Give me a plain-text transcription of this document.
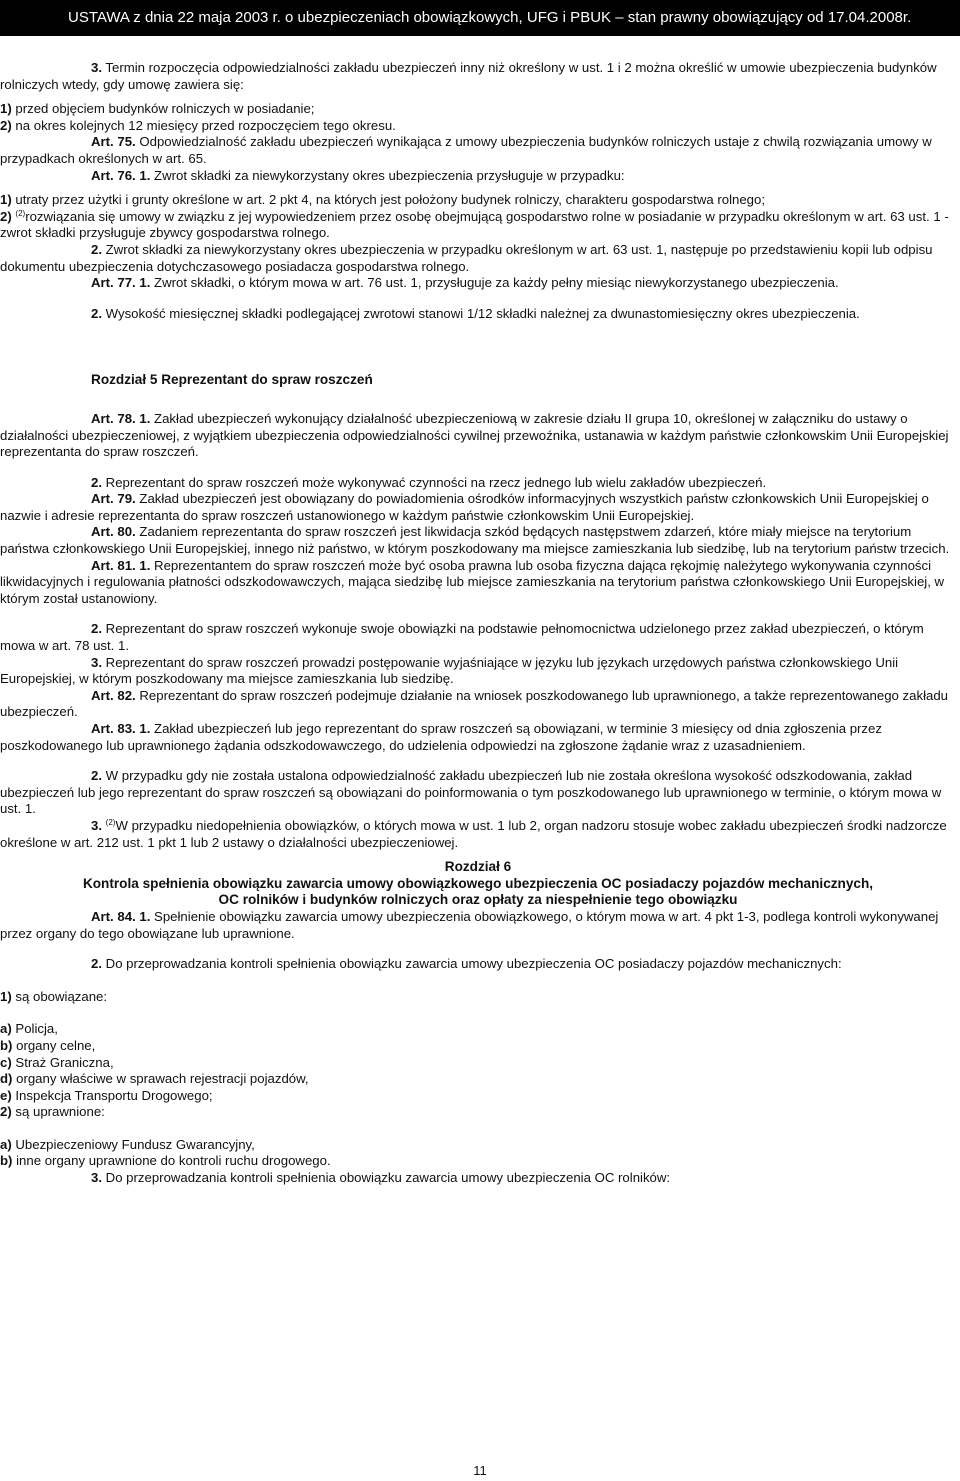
USTAWA z dnia 22 maja 2003 r. o ubezpieczeniach obowiązkowych, UFG i PBUK – stan prawny obowiązujący od 17.04.2008r.

3. Termin rozpoczęcia odpowiedzialności zakładu ubezpieczeń inny niż określony w ust. 1 i 2 można określić w umowie ubezpieczenia budynków rolniczych wtedy, gdy umowę zawiera się:

1) przed objęciem budynków rolniczych w posiadanie;

2) na okres kolejnych 12 miesięcy przed rozpoczęciem tego okresu.

Art. 75. Odpowiedzialność zakładu ubezpieczeń wynikająca z umowy ubezpieczenia budynków rolniczych ustaje z chwilą rozwiązania umowy w przypadkach określonych w art. 65.

Art. 76. 1. Zwrot składki za niewykorzystany okres ubezpieczenia przysługuje w przypadku:

1) utraty przez użytki i grunty określone w art. 2 pkt 4, na których jest położony budynek rolniczy, charakteru gospodarstwa rolnego;

2) $^{(2)}$rozwiązania się umowy w związku z jej wypowiedzeniem przez osobę obejmującą gospodarstwo rolne w posiadanie w przypadku określonym w art. 63 ust. 1 - zwrot składki przysługuje zbywcy gospodarstwa rolnego.

2. Zwrot składki za niewykorzystany okres ubezpieczenia w przypadku określonym w art. 63 ust. 1, następuje po przedstawieniu kopii lub odpisu dokumentu ubezpieczenia dotychczasowego posiadacza gospodarstwa rolnego.

Art. 77. 1. Zwrot składki, o którym mowa w art. 76 ust. 1, przysługuje za każdy pełny miesiąc niewykorzystanego ubezpieczenia.

2. Wysokość miesięcznej składki podlegającej zwrotowi stanowi 1/12 składki należnej za dwunastomiesięczny okres ubezpieczenia.

Rozdział 5 Reprezentant do spraw roszczeń

Art. 78. 1. Zakład ubezpieczeń wykonujący działalność ubezpieczeniową w zakresie działu II grupa 10, określonej w załączniku do ustawy o działalności ubezpieczeniowej, z wyjątkiem ubezpieczenia odpowiedzialności cywilnej przewoźnika, ustanawia w każdym państwie członkowskim Unii Europejskiej reprezentanta do spraw roszczeń.

2. Reprezentant do spraw roszczeń może wykonywać czynności na rzecz jednego lub wielu zakładów ubezpieczeń.

Art. 79. Zakład ubezpieczeń jest obowiązany do powiadomienia ośrodków informacyjnych wszystkich państw członkowskich Unii Europejskiej o nazwie i adresie reprezentanta do spraw roszczeń ustanowionego w każdym państwie członkowskim Unii Europejskiej.

Art. 80. Zadaniem reprezentanta do spraw roszczeń jest likwidacja szkód będących następstwem zdarzeń, które miały miejsce na terytorium państwa członkowskiego Unii Europejskiej, innego niż państwo, w którym poszkodowany ma miejsce zamieszkania lub siedzibę, lub na terytorium państw trzecich.

Art. 81. 1. Reprezentantem do spraw roszczeń może być osoba prawna lub osoba fizyczna dająca rękojmię należytego wykonywania czynności likwidacyjnych i regulowania płatności odszkodowawczych, mająca siedzibę lub miejsce zamieszkania na terytorium państwa członkowskiego Unii Europejskiej, w którym został ustanowiony.

2. Reprezentant do spraw roszczeń wykonuje swoje obowiązki na podstawie pełnomocnictwa udzielonego przez zakład ubezpieczeń, o którym mowa w art. 78 ust. 1.

3. Reprezentant do spraw roszczeń prowadzi postępowanie wyjaśniające w języku lub językach urzędowych państwa członkowskiego Unii Europejskiej, w którym poszkodowany ma miejsce zamieszkania lub siedzibę.

Art. 82. Reprezentant do spraw roszczeń podejmuje działanie na wniosek poszkodowanego lub uprawnionego, a także reprezentowanego zakładu ubezpieczeń.

Art. 83. 1. Zakład ubezpieczeń lub jego reprezentant do spraw roszczeń są obowiązani, w terminie 3 miesięcy od dnia zgłoszenia przez poszkodowanego lub uprawnionego żądania odszkodowawczego, do udzielenia odpowiedzi na zgłoszone żądanie wraz z uzasadnieniem.

2. W przypadku gdy nie została ustalona odpowiedzialność zakładu ubezpieczeń lub nie została określona wysokość odszkodowania, zakład ubezpieczeń lub jego reprezentant do spraw roszczeń są obowiązani do poinformowania o tym poszkodowanego lub uprawnionego w terminie, o którym mowa w ust. 1.

3. $^{(2)}$W przypadku niedopełnienia obowiązków, o których mowa w ust. 1 lub 2, organ nadzoru stosuje wobec zakładu ubezpieczeń środki nadzorcze określone w art. 212 ust. 1 pkt 1 lub 2 ustawy o działalności ubezpieczeniowej.

Rozdział 6

Kontrola spełnienia obowiązku zawarcia umowy obowiązkowego ubezpieczenia OC posiadaczy pojazdów mechanicznych,

OC rolników i budynków rolniczych oraz opłaty za niespełnienie tego obowiązku

Art. 84. 1. Spełnienie obowiązku zawarcia umowy ubezpieczenia obowiązkowego, o którym mowa w art. 4 pkt 1-3, podlega kontroli wykonywanej przez organy do tego obowiązane lub uprawnione.

2. Do przeprowadzania kontroli spełnienia obowiązku zawarcia umowy ubezpieczenia OC posiadaczy pojazdów mechanicznych:

1) są obowiązane:

a) Policja,

b) organy celne,

c) Straż Graniczna,

d) organy właściwe w sprawach rejestracji pojazdów,

e) Inspekcja Transportu Drogowego;

2) są uprawnione:

a) Ubezpieczeniowy Fundusz Gwarancyjny,

b) inne organy uprawnione do kontroli ruchu drogowego.

3. Do przeprowadzania kontroli spełnienia obowiązku zawarcia umowy ubezpieczenia OC rolników:

11
